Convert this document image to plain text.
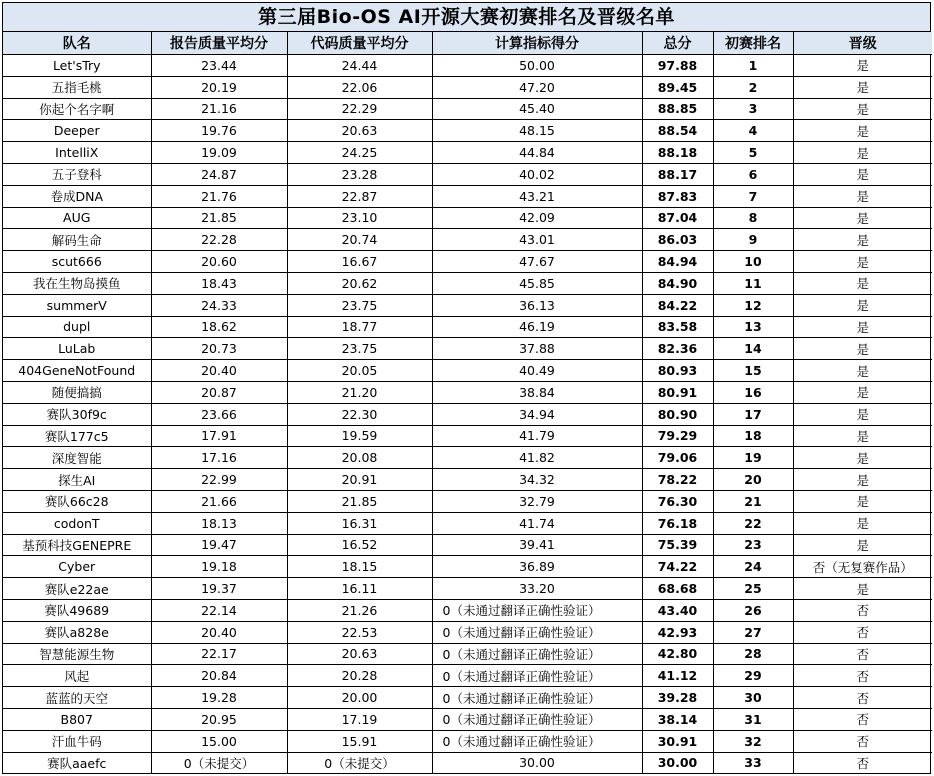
第三届Bio-OS AI开源大赛初赛排名及晋级名单
队名	报告质量平均分	代码质量平均分	计算指标得分	总分	初赛排名	晋级
Let'sTry	23.44	24.44	50.00	97.88	1	是
五指毛桃	20.19	22.06	47.20	89.45	2	是
你起个名字啊	21.16	22.29	45.40	88.85	3	是
Deeper	19.76	20.63	48.15	88.54	4	是
IntelliX	19.09	24.25	44.84	88.18	5	是
五子登科	24.87	23.28	40.02	88.17	6	是
卷成DNA	21.76	22.87	43.21	87.83	7	是
AUG	21.85	23.10	42.09	87.04	8	是
解码生命	22.28	20.74	43.01	86.03	9	是
scut666	20.60	16.67	47.67	84.94	10	是
我在生物岛摸鱼	18.43	20.62	45.85	84.90	11	是
summerV	24.33	23.75	36.13	84.22	12	是
dupl	18.62	18.77	46.19	83.58	13	是
LuLab	20.73	23.75	37.88	82.36	14	是
404GeneNotFound	20.40	20.05	40.49	80.93	15	是
随便搞搞	20.87	21.20	38.84	80.91	16	是
赛队30f9c	23.66	22.30	34.94	80.90	17	是
赛队177c5	17.91	19.59	41.79	79.29	18	是
深度智能	17.16	20.08	41.82	79.06	19	是
探生AI	22.99	20.91	34.32	78.22	20	是
赛队66c28	21.66	21.85	32.79	76.30	21	是
codonT	18.13	16.31	41.74	76.18	22	是
基预科技GENEPRE	19.47	16.52	39.41	75.39	23	是
Cyber	19.18	18.15	36.89	74.22	24	否（无复赛作品）
赛队e22ae	19.37	16.11	33.20	68.68	25	是
赛队49689	22.14	21.26	0（未通过翻译正确性验证）	43.40	26	否
赛队a828e	20.40	22.53	0（未通过翻译正确性验证）	42.93	27	否
智慧能源生物	22.17	20.63	0（未通过翻译正确性验证）	42.80	28	否
风起	20.84	20.28	0（未通过翻译正确性验证）	41.12	29	否
蓝蓝的天空	19.28	20.00	0（未通过翻译正确性验证）	39.28	30	否
B807	20.95	17.19	0（未通过翻译正确性验证）	38.14	31	否
汗血牛码	15.00	15.91	0（未通过翻译正确性验证）	30.91	32	否
赛队aaefc	0（未提交）	0（未提交）	30.00	30.00	33	否
